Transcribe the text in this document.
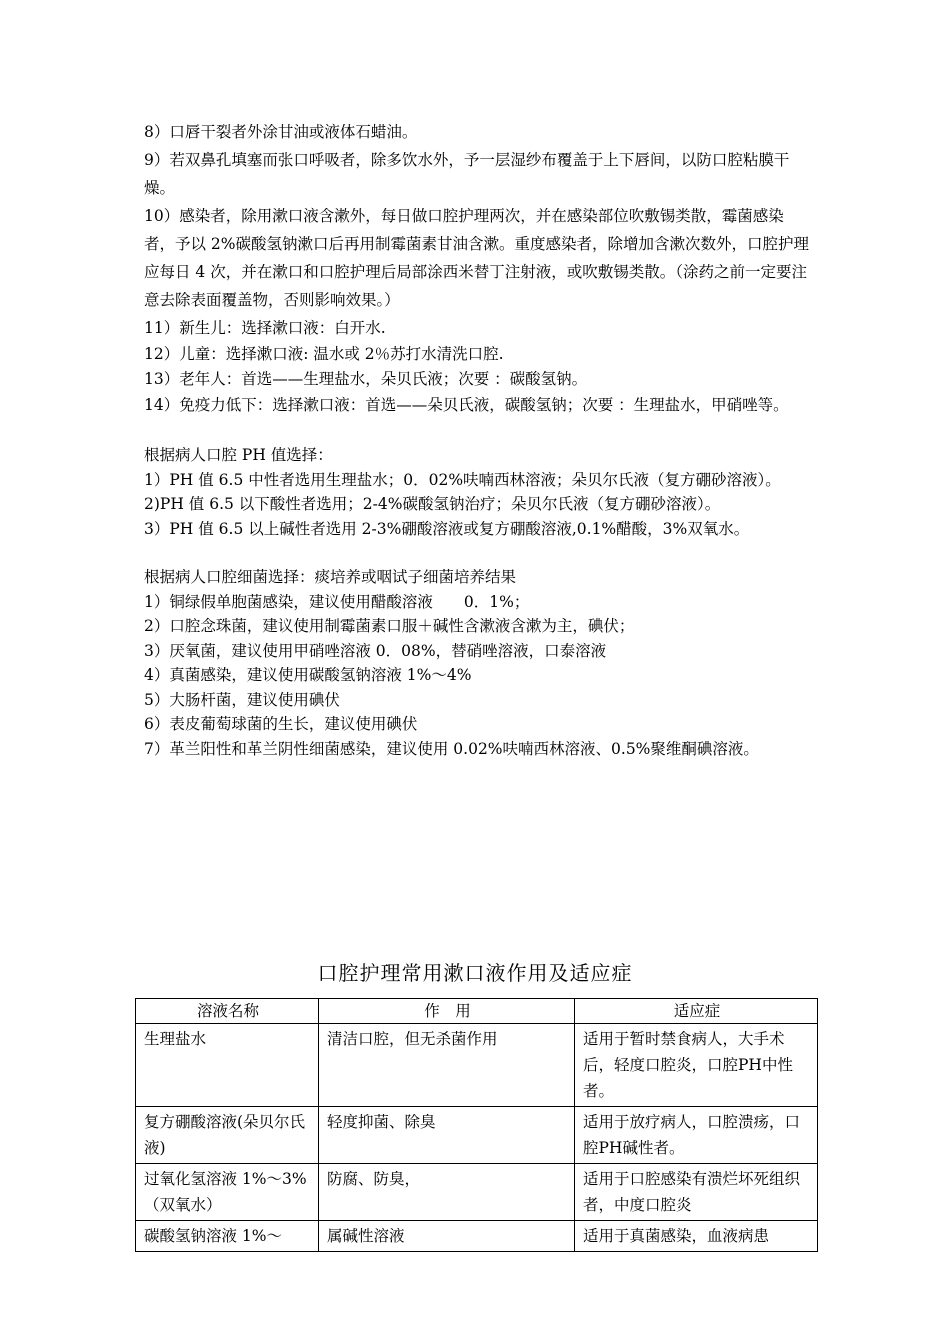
8）口唇干裂者外涂甘油或液体石蜡油。

9）若双鼻孔填塞而张口呼吸者，除多饮水外，予一层湿纱布覆盖于上下唇间，以防口腔粘膜干燥。

10）感染者，除用漱口液含漱外，每日做口腔护理两次，并在感染部位吹敷锡类散，霉菌感染者，予以 2%碳酸氢钠漱口后再用制霉菌素甘油含漱。重度感染者，除增加含漱次数外，口腔护理应每日 4 次，并在漱口和口腔护理后局部涂西米替丁注射液，或吹敷锡类散。（涂药之前一定要注意去除表面覆盖物，否则影响效果。）

11）新生儿：选择漱口液：白开水.

12）儿童：选择漱口液: 温水或 2％苏打水清洗口腔.

13）老年人：首选——生理盐水，朵贝氏液；次要 ：碳酸氢钠。

14）免疫力低下：选择漱口液：首选——朵贝氏液，碳酸氢钠；次要 ：生理盐水，甲硝唑等。

根据病人口腔 PH 值选择：

1）PH 值 6.5 中性者选用生理盐水；0．02%呋喃西林溶液；朵贝尔氏液（复方硼砂溶液）。

2)PH 值 6.5 以下酸性者选用；2-4%碳酸氢钠治疗；朵贝尔氏液（复方硼砂溶液）。

3）PH 值 6.5 以上碱性者选用 2-3%硼酸溶液或复方硼酸溶液,0.1%醋酸，3%双氧水。

根据病人口腔细菌选择：痰培养或咽试子细菌培养结果

1）铜绿假单胞菌感染，建议使用醋酸溶液　　0．1%；

2）口腔念珠菌，建议使用制霉菌素口服＋碱性含漱液含漱为主，碘伏；

3）厌氧菌，建议使用甲硝唑溶液 0．08%，替硝唑溶液，口泰溶液

4）真菌感染，建议使用碳酸氢钠溶液 1%～4%

5）大肠杆菌，建议使用碘伏

6）表皮葡萄球菌的生长，建议使用碘伏

7）革兰阳性和革兰阴性细菌感染，建议使用 0.02%呋喃西林溶液、0.5%聚维酮碘溶液。

口腔护理常用漱口液作用及适应症
溶液名称	作　用	适应症
生理盐水	清洁口腔，但无杀菌作用	适用于暂时禁食病人，大手术后，轻度口腔炎，口腔PH中性者。
复方硼酸溶液(朵贝尔氏液)	轻度抑菌、除臭	适用于放疗病人，口腔溃疡，口腔PH碱性者。
过氧化氢溶液 1%～3%（双氧水）	防腐、防臭，	适用于口腔感染有溃烂坏死组织者，中度口腔炎
碳酸氢钠溶液 1%～	属碱性溶液	适用于真菌感染，血液病患
